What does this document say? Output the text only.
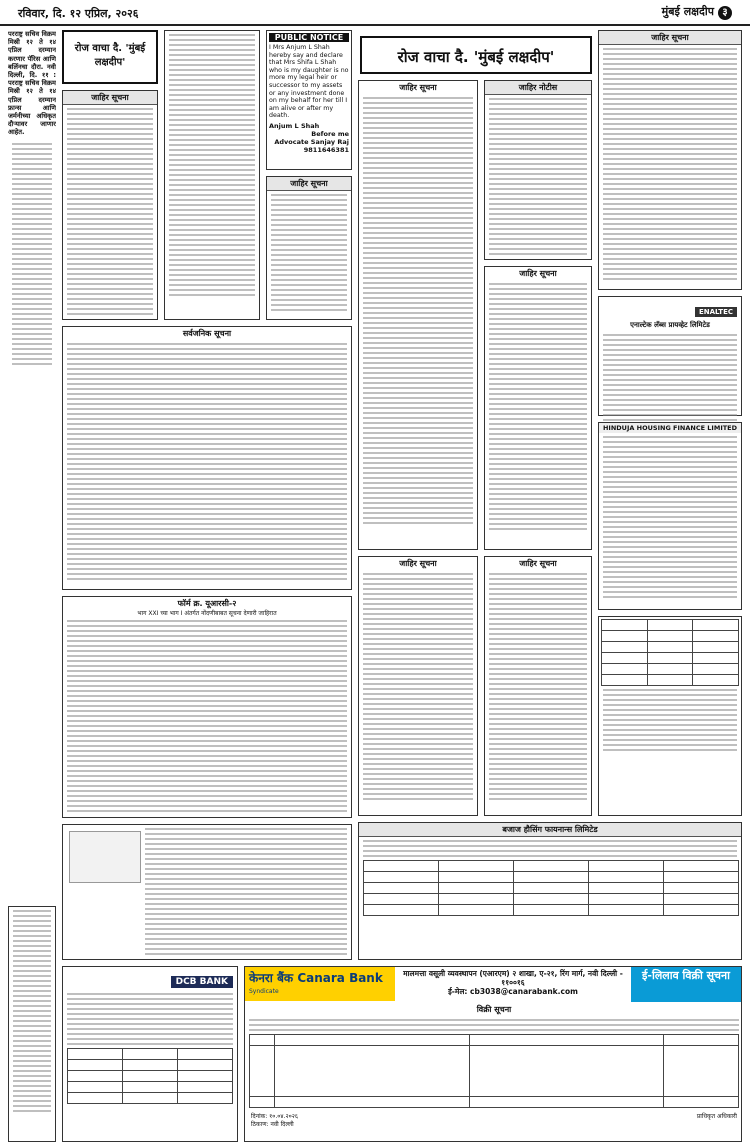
रविवार, दि. १२ एप्रिल, २०२६	मुंबई लक्षदीप ३
परराष्ट्र सचिव विक्रम मिस्री १२ ते १४ एप्रिल दरम्यान करणार पॅरिस आणि बर्लिनचा दौरा. नवी दिल्ली, दि. ११ : परराष्ट्र सचिव विक्रम मिस्री १२ ते १४ एप्रिल दरम्यान फ्रान्स आणि जर्मनीच्या अधिकृत दौऱ्यावर जाणार आहेत.
रोज वाचा दै. 'मुंबई लक्षदीप'
जाहिर सूचना
PUBLIC NOTICE
I Mrs Anjum L Shah hereby say and declare that Mrs Shifa L Shah who is my daughter is no more my legal heir or successor to my assets or any investment done on my behalf for her till I am alive or after my death.
Anjum L Shah
Before me
Advocate Sanjay Raj
9811646381
जाहिर सूचना
रोज वाचा दै. 'मुंबई लक्षदीप'
जाहिर सूचना
जाहिर सूचना	जाहिर नोटीस
जाहिर सूचना
ENALTEC
एनाल्टेक लॅब्स प्रायव्हेट लिमिटेड
सर्वजनिक सूचना
HINDUJA HOUSING FINANCE LIMITED
जाहिर सूचना	जाहिर सूचना
फॉर्म क्र. यूआरसी-२
भाग XXI च्या भाग I अंतर्गत नोंदणीबाबत सूचना देणारी जाहिरात
बजाज हौसिंग फायनान्स लिमिटेड

DCB BANK

			केनरा बैंक Canara Bank
Syndicate
मालमत्ता वसूली व्यवस्थापन (एआरएम) २ शाखा, ए-२१, रिंग मार्ग, नवी दिल्ली - ११००१६
ई-मेल: cb3038@canarabank.com
ई-लिलाव विक्री सूचना
विक्री सूचना

दिनांक: १०.०४.२०२६
ठिकाण: नवी दिल्ली
प्राधिकृत अधिकारी
